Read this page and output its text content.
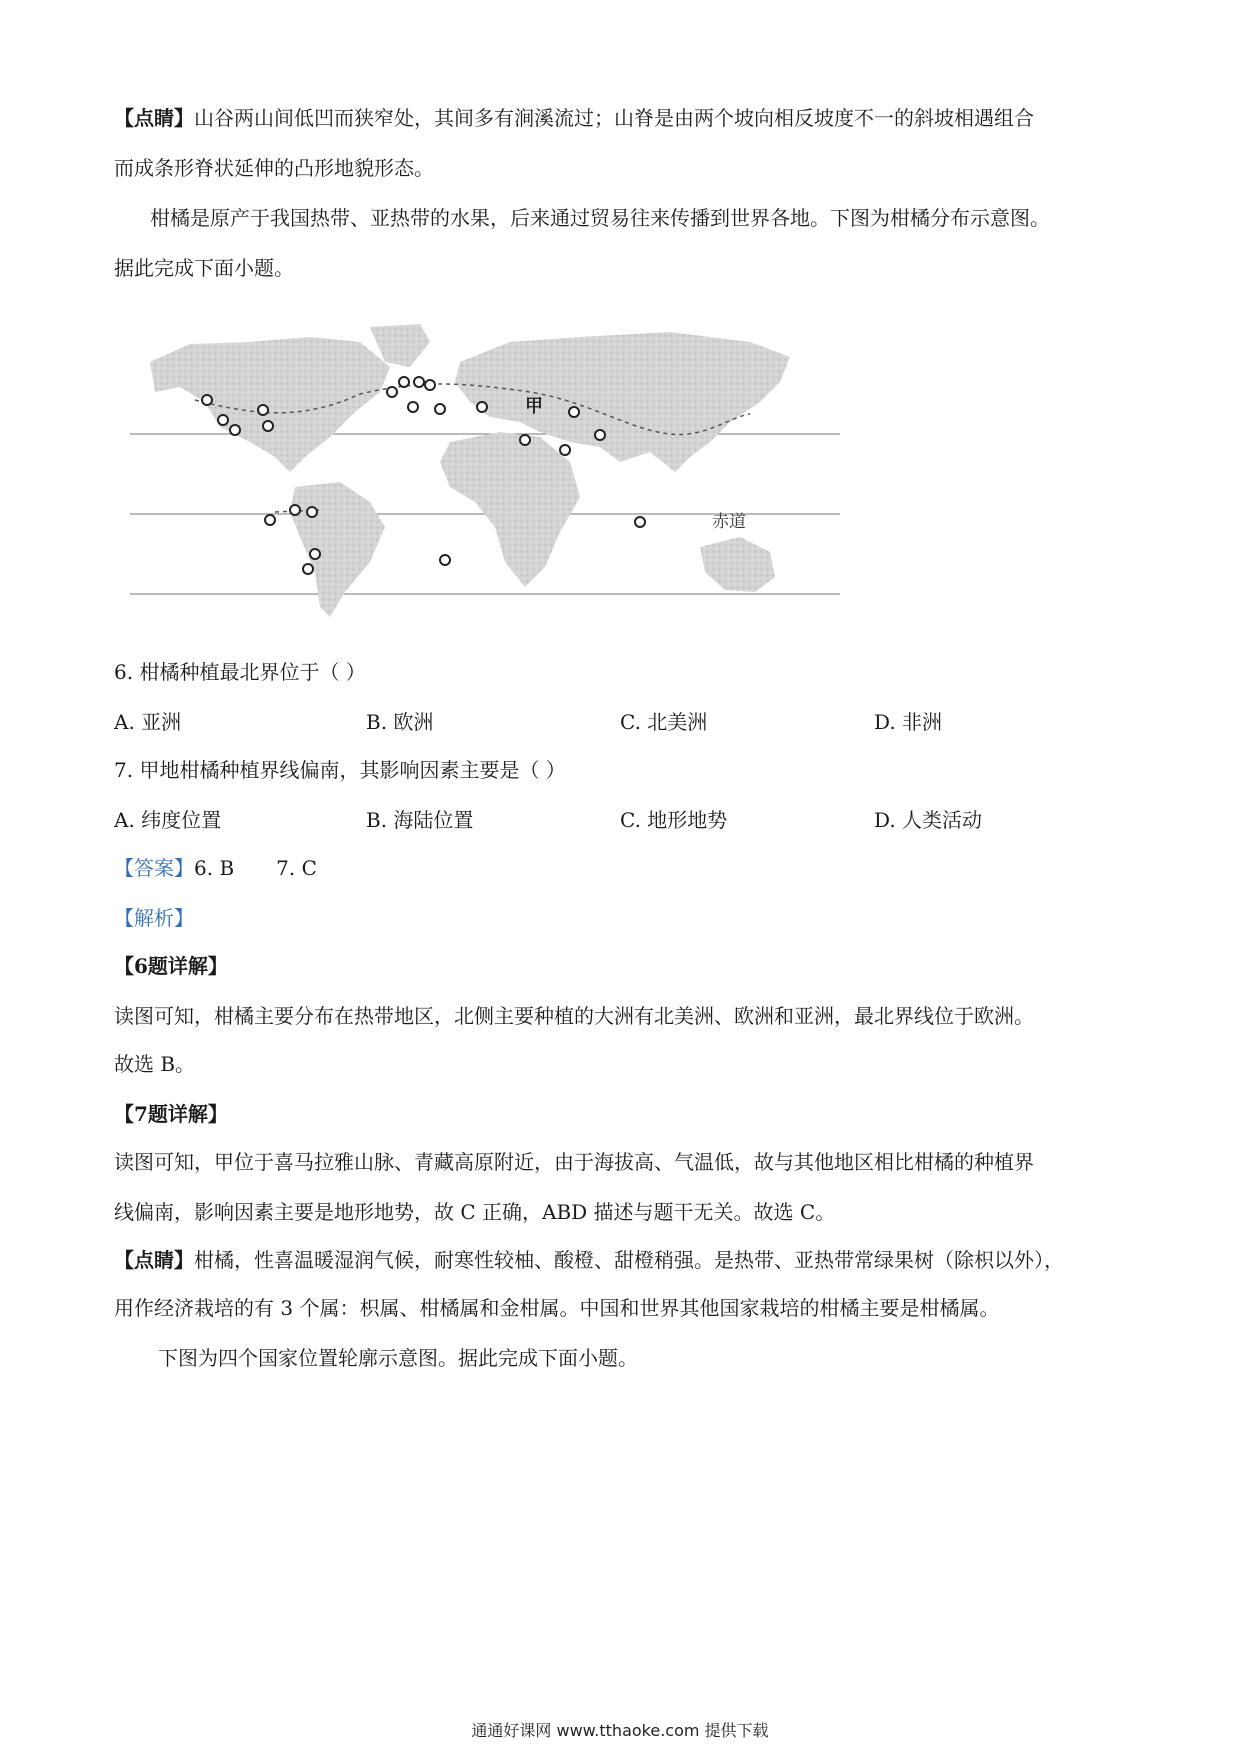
【点睛】山谷两山间低凹而狭窄处，其间多有涧溪流过；山脊是由两个坡向相反坡度不一的斜坡相遇组合
而成条形脊状延伸的凸形地貌形态。
柑橘是原产于我国热带、亚热带的水果，后来通过贸易往来传播到世界各地。下图为柑橘分布示意图。
据此完成下面小题。
甲
赤道
6. 柑橘种植最北界位于（ ）
A. 亚洲	B. 欧洲	C. 北美洲	D. 非洲
7. 甲地柑橘种植界线偏南，其影响因素主要是（ ）
A. 纬度位置	B. 海陆位置	C. 地形地势	D. 人类活动
【答案】6. B 7. C
【解析】
【6题详解】
读图可知，柑橘主要分布在热带地区，北侧主要种植的大洲有北美洲、欧洲和亚洲，最北界线位于欧洲。
故选 B。
【7题详解】
读图可知，甲位于喜马拉雅山脉、青藏高原附近，由于海拔高、气温低，故与其他地区相比柑橘的种植界
线偏南，影响因素主要是地形地势，故 C 正确，ABD 描述与题干无关。故选 C。
【点睛】柑橘，性喜温暖湿润气候，耐寒性较柚、酸橙、甜橙稍强。是热带、亚热带常绿果树（除枳以外），
用作经济栽培的有 3 个属：枳属、柑橘属和金柑属。中国和世界其他国家栽培的柑橘主要是柑橘属。
下图为四个国家位置轮廓示意图。据此完成下面小题。
通通好课网 www.tthaoke.com 提供下载
